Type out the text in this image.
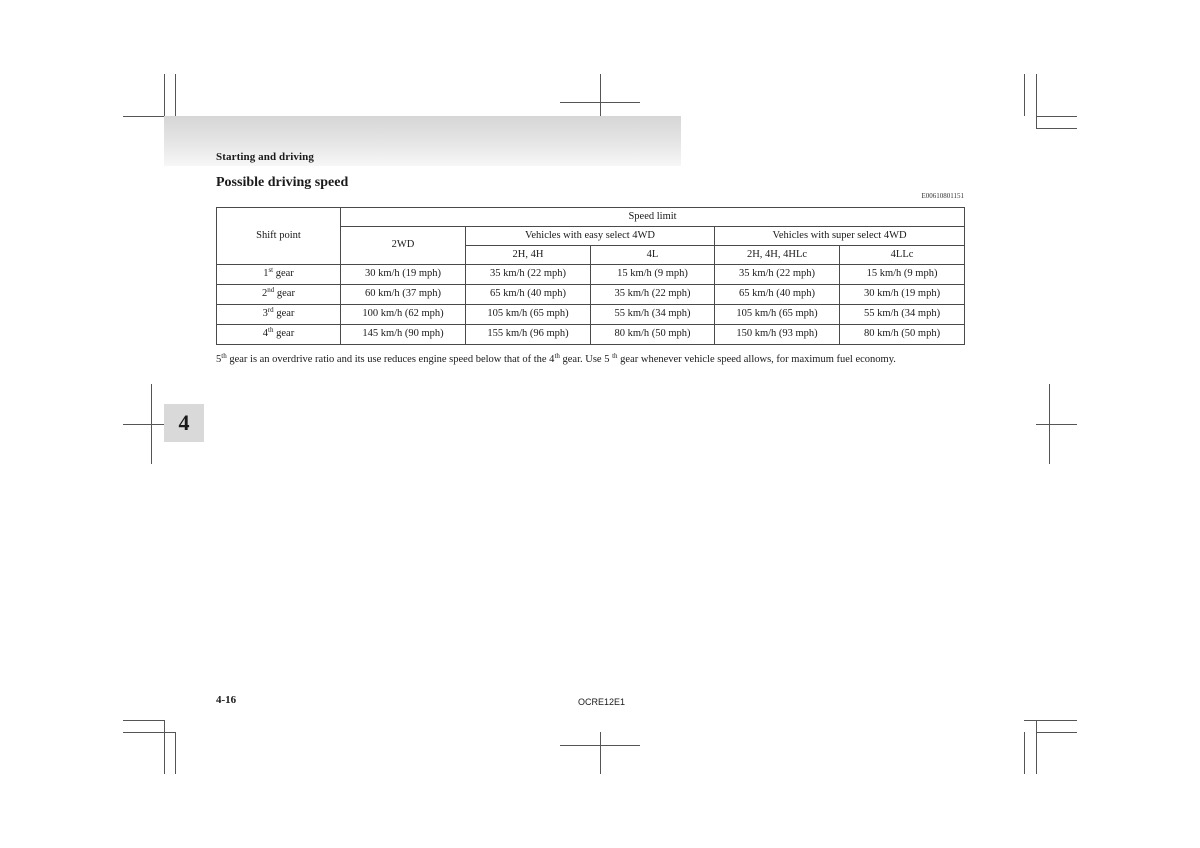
Starting and driving
Possible driving speed
E00610801151
Shift point	Speed limit				
	2WD	Vehicles with easy select 4WD		Vehicles with super select 4WD	
		2H, 4H	4L	2H, 4H, 4HLc	4LLc
1st gear	30 km/h (19 mph)	35 km/h (22 mph)	15 km/h (9 mph)	35 km/h (22 mph)	15 km/h (9 mph)
2nd gear	60 km/h (37 mph)	65 km/h (40 mph)	35 km/h (22 mph)	65 km/h (40 mph)	30 km/h (19 mph)
3rd gear	100 km/h (62 mph)	105 km/h (65 mph)	55 km/h (34 mph)	105 km/h (65 mph)	55 km/h (34 mph)
4th gear	145 km/h (90 mph)	155 km/h (96 mph)	80 km/h (50 mph)	150 km/h (93 mph)	80 km/h (50 mph)
5th gear is an overdrive ratio and its use reduces engine speed below that of the 4th gear. Use 5 $^{th}$ gear whenever vehicle speed allows, for maximum fuel economy.
4
4-16	OCRE12E1
